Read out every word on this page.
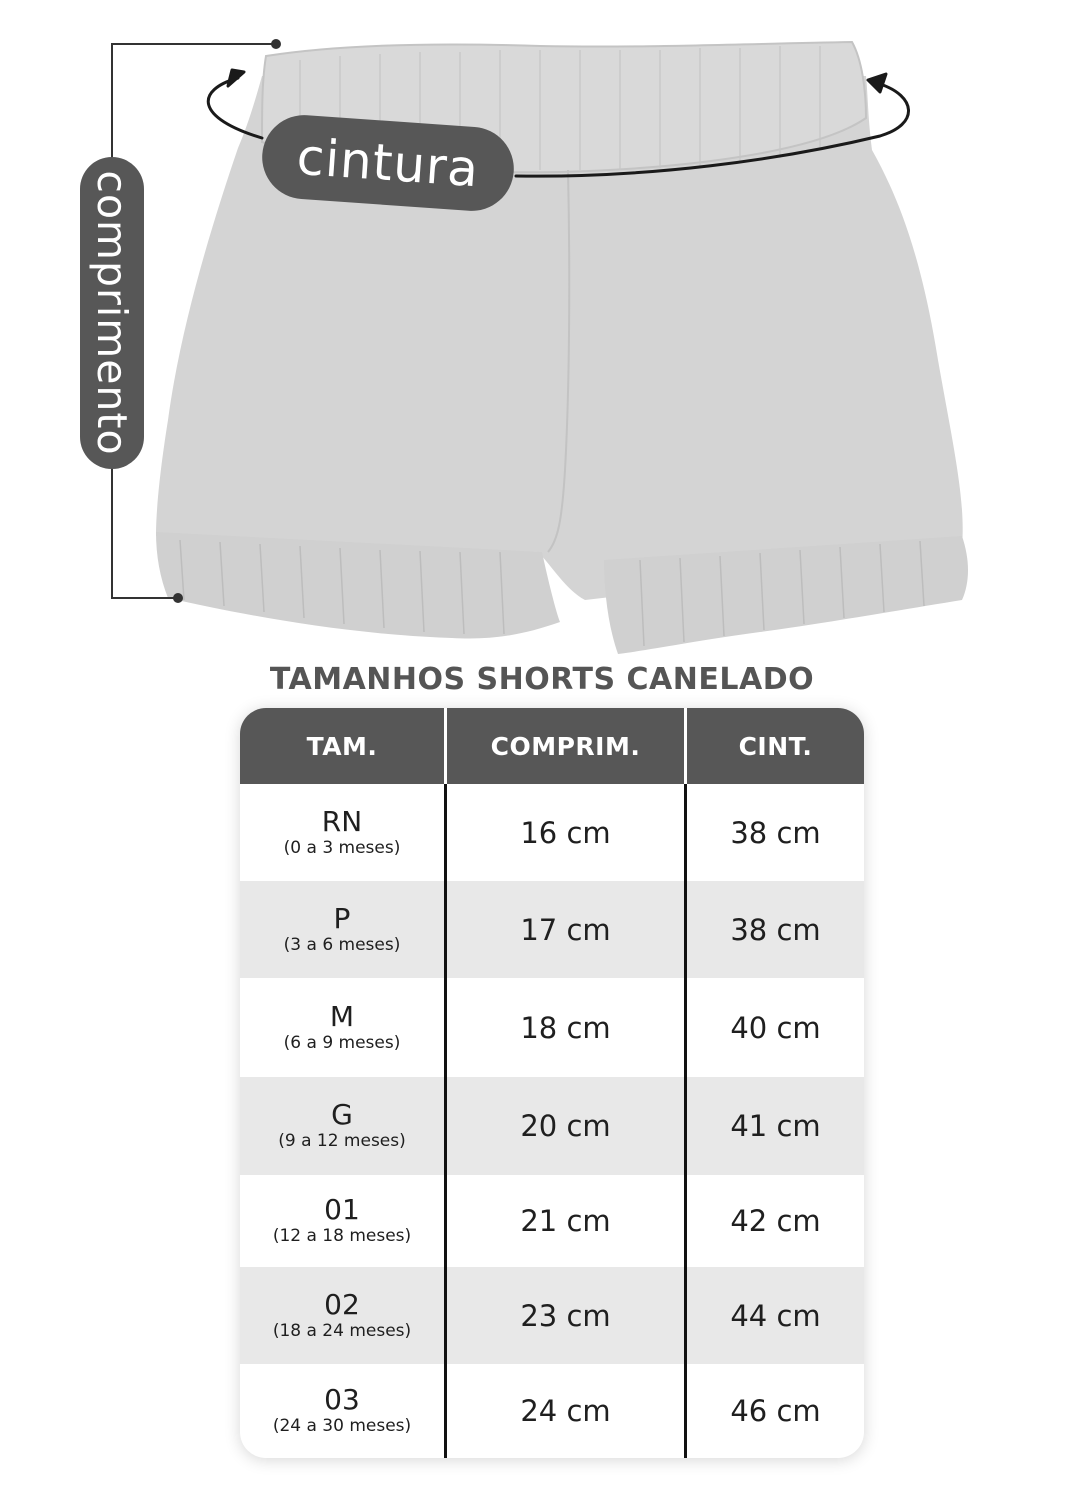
cintura
comprimento
TAMANHOS SHORTS CANELADO
TAM.	COMPRIM.	CINT.
RN
(0 a 3 meses)	16 cm	38 cm
P
(3 a 6 meses)	17 cm	38 cm
M
(6 a 9 meses)	18 cm	40 cm
G
(9 a 12 meses)	20 cm	41 cm
01
(12 a 18 meses)	21 cm	42 cm
02
(18 a 24 meses)	23 cm	44 cm
03
(24 a 30 meses)	24 cm	46 cm
